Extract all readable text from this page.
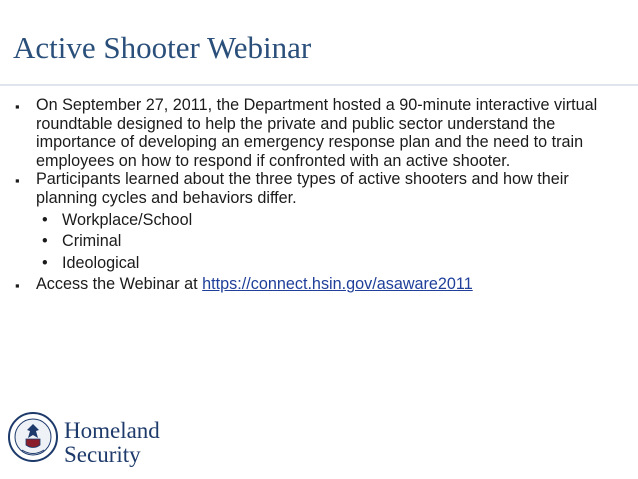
Active Shooter Webinar
▪ On September 27, 2011, the Department hosted a 90-minute interactive virtual roundtable designed to help the private and public sector understand the importance of developing an emergency response plan and the need to train employees on how to respond if confronted with an active shooter.
▪ Participants learned about the three types of active shooters and how their planning cycles and behaviors differ.
• Workplace/School
• Criminal
• Ideological
▪ Access the Webinar at https://connect.hsin.gov/asaware2011
Homeland
Security
